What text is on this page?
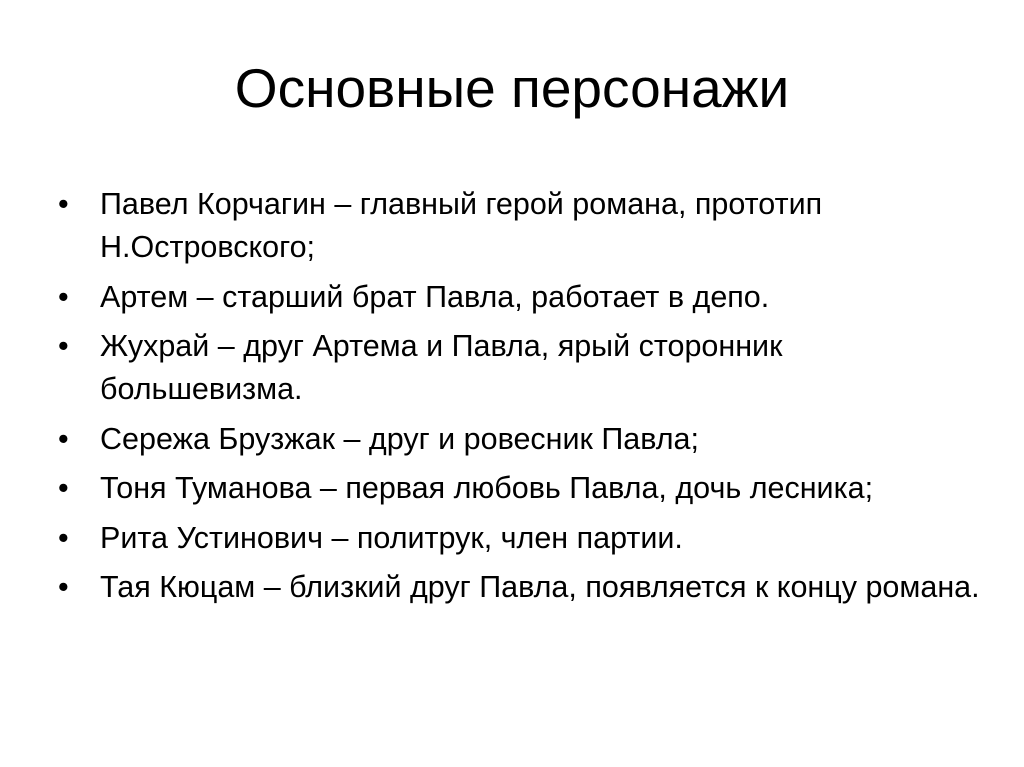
Основные персонажи
•	Павел Корчагин – главный герой романа, прототип Н.Островского;
•	Артем – старший брат Павла, работает в депо.
•	Жухрай – друг Артема и Павла, ярый сторонник большевизма.
•	Сережа Брузжак – друг и ровесник Павла;
•	Тоня Туманова – первая любовь Павла, дочь лесника;
•	Рита Устинович – политрук, член партии.
•	Тая Кюцам – близкий друг Павла, появляется к концу романа.
